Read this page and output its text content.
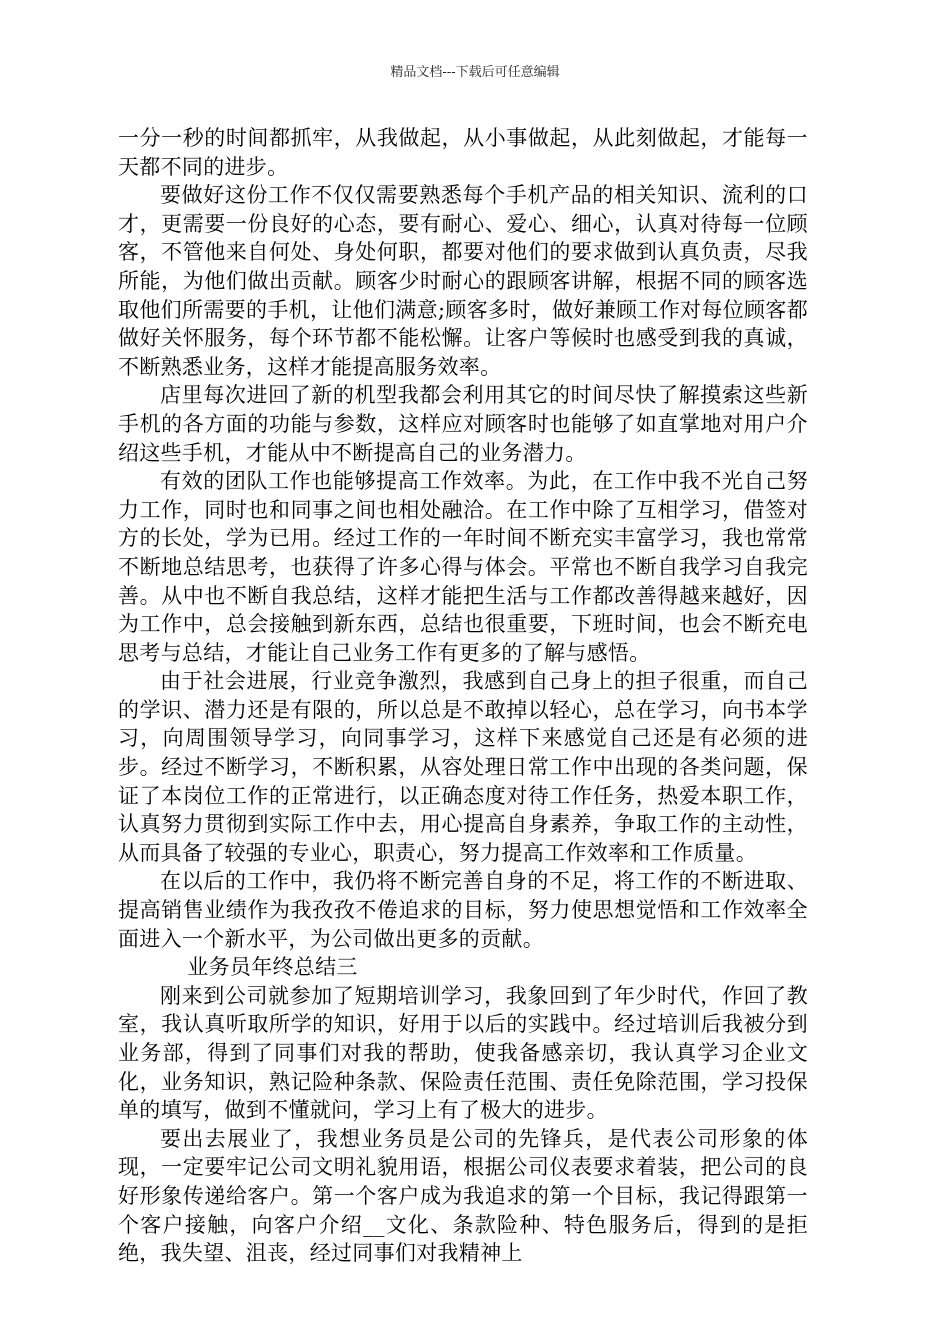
精品文档---下载后可任意编辑

一分一秒的时间都抓牢，从我做起，从小事做起，从此刻做起，才能每一天都不同的进步。

要做好这份工作不仅仅需要熟悉每个手机产品的相关知识、流利的口才，更需要一份良好的心态，要有耐心、爱心、细心，认真对待每一位顾客，不管他来自何处、身处何职，都要对他们的要求做到认真负责，尽我所能，为他们做出贡献。顾客少时耐心的跟顾客讲解，根据不同的顾客选取他们所需要的手机，让他们满意;顾客多时，做好兼顾工作对每位顾客都做好关怀服务，每个环节都不能松懈。让客户等候时也感受到我的真诚，不断熟悉业务，这样才能提高服务效率。

店里每次进回了新的机型我都会利用其它的时间尽快了解摸索这些新手机的各方面的功能与参数，这样应对顾客时也能够了如直掌地对用户介绍这些手机，才能从中不断提高自己的业务潜力。

有效的团队工作也能够提高工作效率。为此，在工作中我不光自己努力工作，同时也和同事之间也相处融洽。在工作中除了互相学习，借签对方的长处，学为已用。经过工作的一年时间不断充实丰富学习，我也常常不断地总结思考，也获得了许多心得与体会。平常也不断自我学习自我完善。从中也不断自我总结，这样才能把生活与工作都改善得越来越好，因为工作中，总会接触到新东西，总结也很重要，下班时间，也会不断充电思考与总结，才能让自己业务工作有更多的了解与感悟。

由于社会进展，行业竞争激烈，我感到自己身上的担子很重，而自己的学识、潜力还是有限的，所以总是不敢掉以轻心，总在学习，向书本学习，向周围领导学习，向同事学习，这样下来感觉自己还是有必须的进步。经过不断学习，不断积累，从容处理日常工作中出现的各类问题，保证了本岗位工作的正常进行，以正确态度对待工作任务，热爱本职工作，认真努力贯彻到实际工作中去，用心提高自身素养，争取工作的主动性，从而具备了较强的专业心，职责心，努力提高工作效率和工作质量。

在以后的工作中，我仍将不断完善自身的不足，将工作的不断进取、提高销售业绩作为我孜孜不倦追求的目标，努力使思想觉悟和工作效率全面进入一个新水平，为公司做出更多的贡献。

业务员年终总结三

刚来到公司就参加了短期培训学习，我象回到了年少时代，作回了教室，我认真听取所学的知识，好用于以后的实践中。经过培训后我被分到业务部，得到了同事们对我的帮助，使我备感亲切，我认真学习企业文化，业务知识，熟记险种条款、保险责任范围、责任免除范围，学习投保单的填写，做到不懂就问，学习上有了极大的进步。

要出去展业了，我想业务员是公司的先锋兵，是代表公司形象的体现，一定要牢记公司文明礼貌用语，根据公司仪表要求着装，把公司的良好形象传递给客户。第一个客户成为我追求的第一个目标，我记得跟第一个客户接触，向客户介绍__文化、条款险种、特色服务后，得到的是拒绝，我失望、沮丧，经过同事们对我精神上
